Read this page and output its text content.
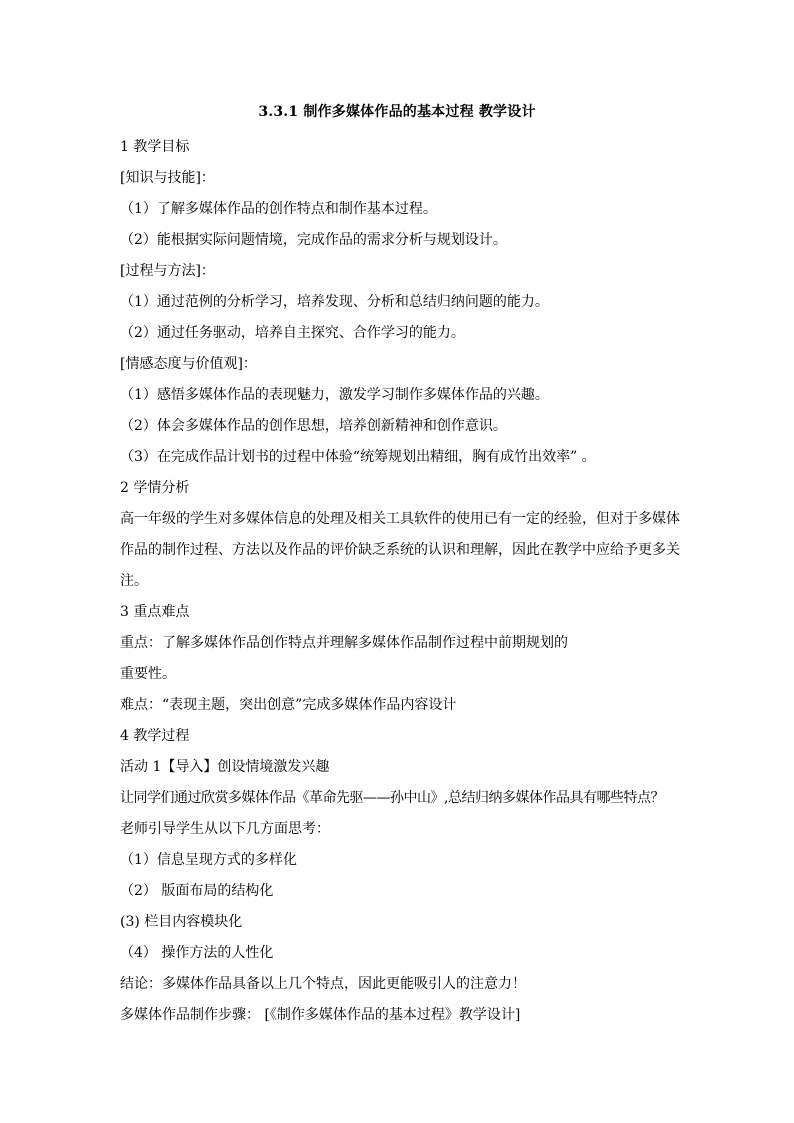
3.3.1 制作多媒体作品的基本过程 教学设计
1 教学目标
[知识与技能]：
（1）了解多媒体作品的创作特点和制作基本过程。
（2）能根据实际问题情境，完成作品的需求分析与规划设计。
[过程与方法]：
（1）通过范例的分析学习，培养发现、分析和总结归纳问题的能力。
（2）通过任务驱动，培养自主探究、合作学习的能力。
[情感态度与价值观]：
（1）感悟多媒体作品的表现魅力，激发学习制作多媒体作品的兴趣。
（2）体会多媒体作品的创作思想，培养创新精神和创作意识。
（3）在完成作品计划书的过程中体验“统筹规划出精细，胸有成竹出效率” 。
2 学情分析
高一年级的学生对多媒体信息的处理及相关工具软件的使用已有一定的经验，但对于多媒体作品的制作过程、方法以及作品的评价缺乏系统的认识和理解，因此在教学中应给予更多关注。
3 重点难点
重点：了解多媒体作品创作特点并理解多媒体作品制作过程中前期规划的
重要性。
难点：“表现主题，突出创意”完成多媒体作品内容设计
4 教学过程
活动 1【导入】创设情境激发兴趣
让同学们通过欣赏多媒体作品《革命先驱——孙中山》,总结归纳多媒体作品具有哪些特点？
老师引导学生从以下几方面思考：
（1）信息呈现方式的多样化
（2） 版面布局的结构化
(3) 栏目内容模块化
（4） 操作方法的人性化
结论：多媒体作品具备以上几个特点，因此更能吸引人的注意力！
多媒体作品制作步骤： [《制作多媒体作品的基本过程》教学设计]
